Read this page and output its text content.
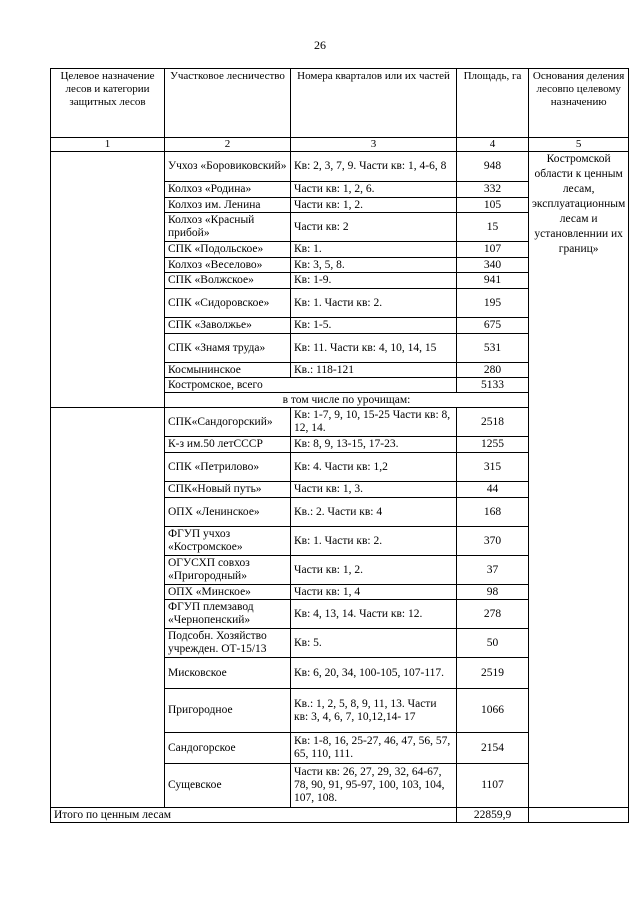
26
Целевое назначение лесов и категории защитных лесов	Участковое лесничество	Номера кварталов или их частей	Площадь, га	Основания деления лесовпо целевому назначению
1	2	3	4	5
	Учхоз «Боровиковский»	Кв: 2, 3, 7, 9. Части кв: 1, 4-6, 8	948	Костромской области к ценным лесам, эксплуатационным лесам и установленнии их границ»
	Колхоз «Родина»	Части кв: 1, 2, 6.	332	
	Колхоз им. Ленина	Части кв: 1, 2.	105	
	Колхоз «Красный прибой»	Части кв: 2	15	
	СПК «Подольское»	Кв: 1.	107	
	Колхоз «Веселово»	Кв: 3, 5, 8.	340	
	СПК «Волжское»	Кв: 1-9.	941	
	СПК «Сидоровское»	Кв: 1. Части кв: 2.	195	
	СПК «Заволжье»	Кв: 1-5.	675	
	СПК «Знамя труда»	Кв: 11. Части кв: 4, 10, 14, 15	531	
	Космынинское	Кв.: 118-121	280	
	Костромское, всего		5133	
	в том числе по урочищам:			
	СПК«Сандогорский»	Кв: 1-7, 9, 10, 15-25 Части кв: 8, 12, 14.	2518	
	К-з им.50 летСССР	Кв: 8, 9, 13-15, 17-23.	1255	
	СПК «Петрилово»	Кв: 4. Части кв: 1,2	315	
	СПК«Новый путь»	Части кв: 1, 3.	44	
	ОПХ «Ленинское»	Кв.: 2. Части кв: 4	168	
	ФГУП учхоз «Костромское»	Кв: 1. Части кв: 2.	370	
	ОГУСХП совхоз «Пригородный»	Части кв: 1, 2.	37	
	ОПХ «Минское»	Части кв: 1, 4	98	
	ФГУП племзавод «Чернопенский»	Кв: 4, 13, 14. Части кв: 12.	278	
	Подсобн. Хозяйство учрежден. ОТ-15/13	Кв: 5.	50	
	Мисковское	Кв: 6, 20, 34, 100-105, 107-117.	2519	
	Пригородное	Кв.: 1, 2, 5, 8, 9, 11, 13. Части кв: 3, 4, 6, 7, 10,12,14- 17	1066	
	Сандогорское	Кв: 1-8, 16, 25-27, 46, 47, 56, 57, 65, 110, 111.	2154	
	Сущевское	Части кв: 26, 27, 29, 32, 64-67, 78, 90, 91, 95-97, 100, 103, 104, 107, 108.	1107	
Итого по ценным лесам			22859,9	
